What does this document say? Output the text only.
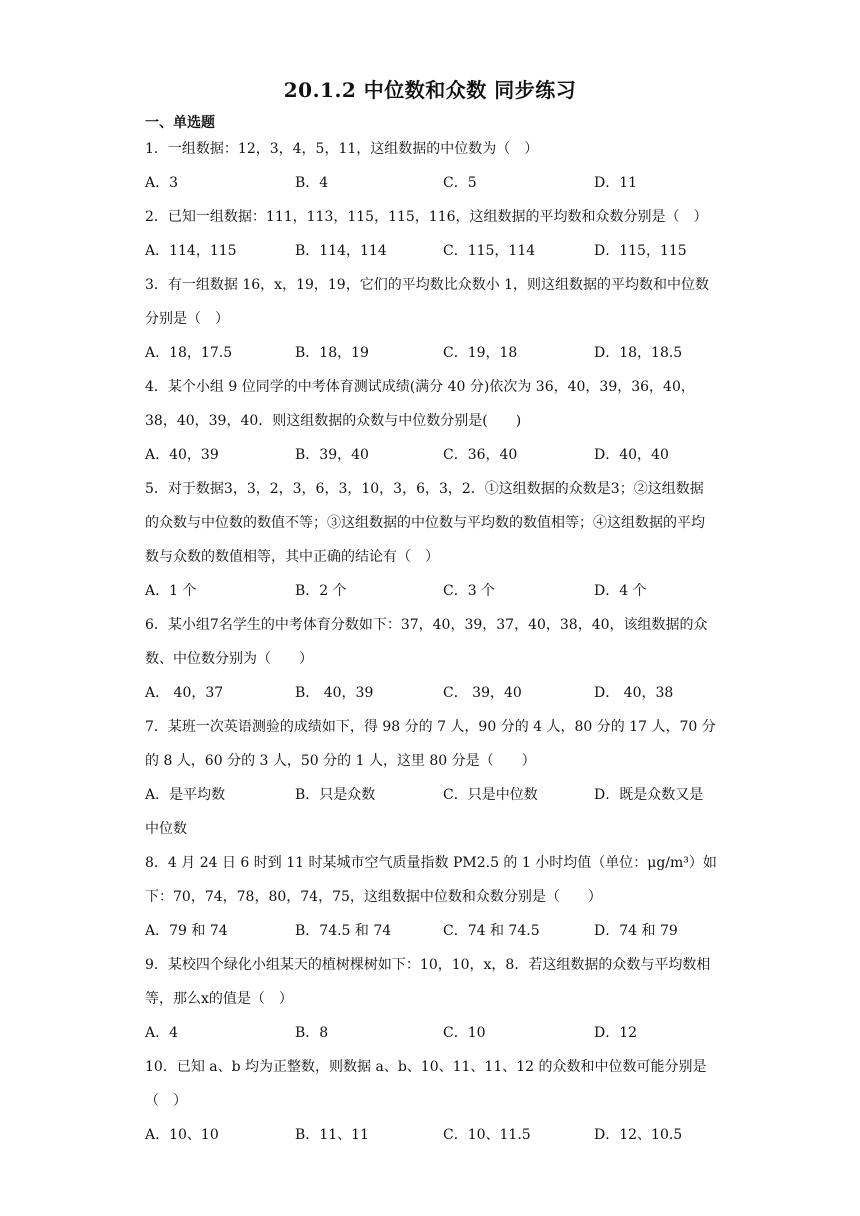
20.1.2 中位数和众数 同步练习
一、单选题
1．一组数据：12，3，4，5，11，这组数据的中位数为（　）
A．3	B．4	C．5	D．11
2．已知一组数据：111，113，115，115，116，这组数据的平均数和众数分别是（　）
A．114，115	B．114，114	C．115，114	D．115，115
3．有一组数据 16，x，19，19，它们的平均数比众数小 1，则这组数据的平均数和中位数分别是（　）
A．18，17.5	B．18，19	C．19，18	D．18，18.5
4．某个小组 9 位同学的中考体育测试成绩(满分 40 分)依次为 36，40，39，36，40，38，40，39，40．则这组数据的众数与中位数分别是(　　)
A．40，39	B．39，40	C．36，40	D．40，40
5．对于数据3，3，2，3，6，3，10，3，6，3，2．①这组数据的众数是3；②这组数据的众数与中位数的数值不等；③这组数据的中位数与平均数的数值相等；④这组数据的平均数与众数的数值相等，其中正确的结论有（　）
A．1 个	B．2 个	C．3 个	D．4 个
6．某小组7名学生的中考体育分数如下：37，40，39，37，40，38，40，该组数据的众数、中位数分别为（　　）
A． 40，37	B． 40，39	C． 39，40	D． 40，38
7．某班一次英语测验的成绩如下，得 98 分的 7 人，90 分的 4 人，80 分的 17 人，70 分的 8 人，60 分的 3 人，50 分的 1 人，这里 80 分是（　　）
A．是平均数	B．只是众数	C．只是中位数	D．既是众数又是
中位数
8．4 月 24 日 6 时到 11 时某城市空气质量指数 PM2.5 的 1 小时均值（单位：μg/m³）如下：70，74，78，80，74，75，这组数据中位数和众数分别是（　　）
A．79 和 74	B．74.5 和 74	C．74 和 74.5	D．74 和 79
9．某校四个绿化小组某天的植树棵树如下：10，10，x，8．若这组数据的众数与平均数相等，那么x的值是（　）
A．4	B．8	C．10	D．12
10．已知 a、b 均为正整数，则数据 a、b、10、11、11、12 的众数和中位数可能分别是（　）
A．10、10	B．11、11	C．10、11.5	D．12、10.5
